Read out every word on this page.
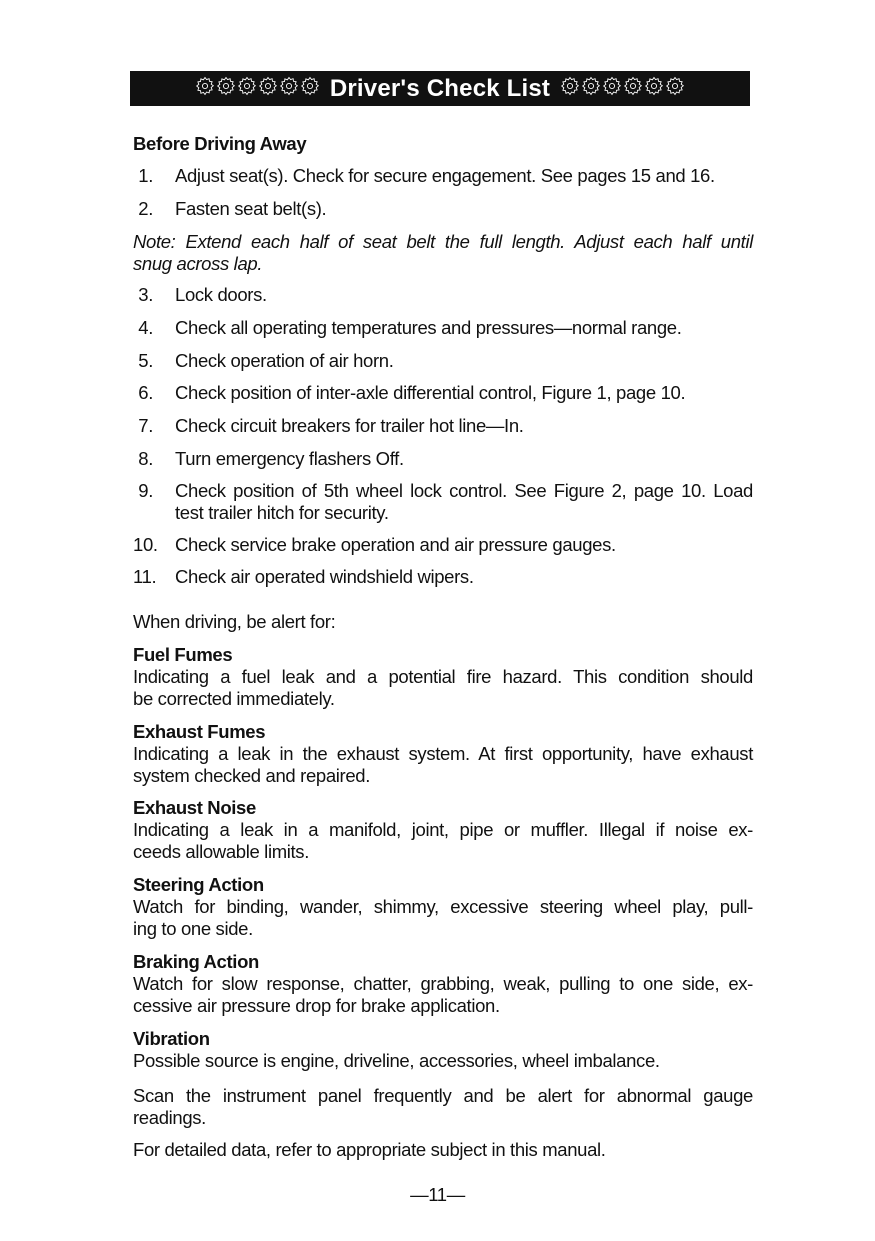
Driver's Check List
Before Driving Away
1. Adjust seat(s). Check for secure engagement. See pages 15 and 16.
2. Fasten seat belt(s).
3. Lock doors.
4. Check all operating temperatures and pressures—normal range.
5. Check operation of air horn.
6. Check position of inter-axle differential control, Figure 1, page 10.
7. Check circuit breakers for trailer hot line—In.
8. Turn emergency flashers Off.
9. Check position of 5th wheel lock control. See Figure 2, page 10. Load
test trailer hitch for security.
10. Check service brake operation and air pressure gauges.
11.	Check air operated windshield wipers.
Note: Extend each half of seat belt the full length. Adjust each half until
snug across lap.
When driving, be alert for:
Fuel Fumes
Indicating a fuel leak and a potential fire hazard. This condition should
be corrected immediately.
Exhaust Fumes
Indicating a leak in the exhaust system. At first opportunity, have exhaust
system checked and repaired.
Exhaust Noise
Indicating a leak in a manifold, joint, pipe or muffler. Illegal if noise ex-
ceeds allowable limits.
Steering Action
Watch for binding, wander, shimmy, excessive steering wheel play, pull-
ing to one side.
Braking Action
Watch for slow response, chatter, grabbing, weak, pulling to one side, ex-
cessive air pressure drop for brake application.
Vibration
Possible source is engine, driveline, accessories, wheel imbalance.
Scan the instrument panel frequently and be alert for abnormal gauge
readings.
For detailed data, refer to appropriate subject in this manual.
—11—
